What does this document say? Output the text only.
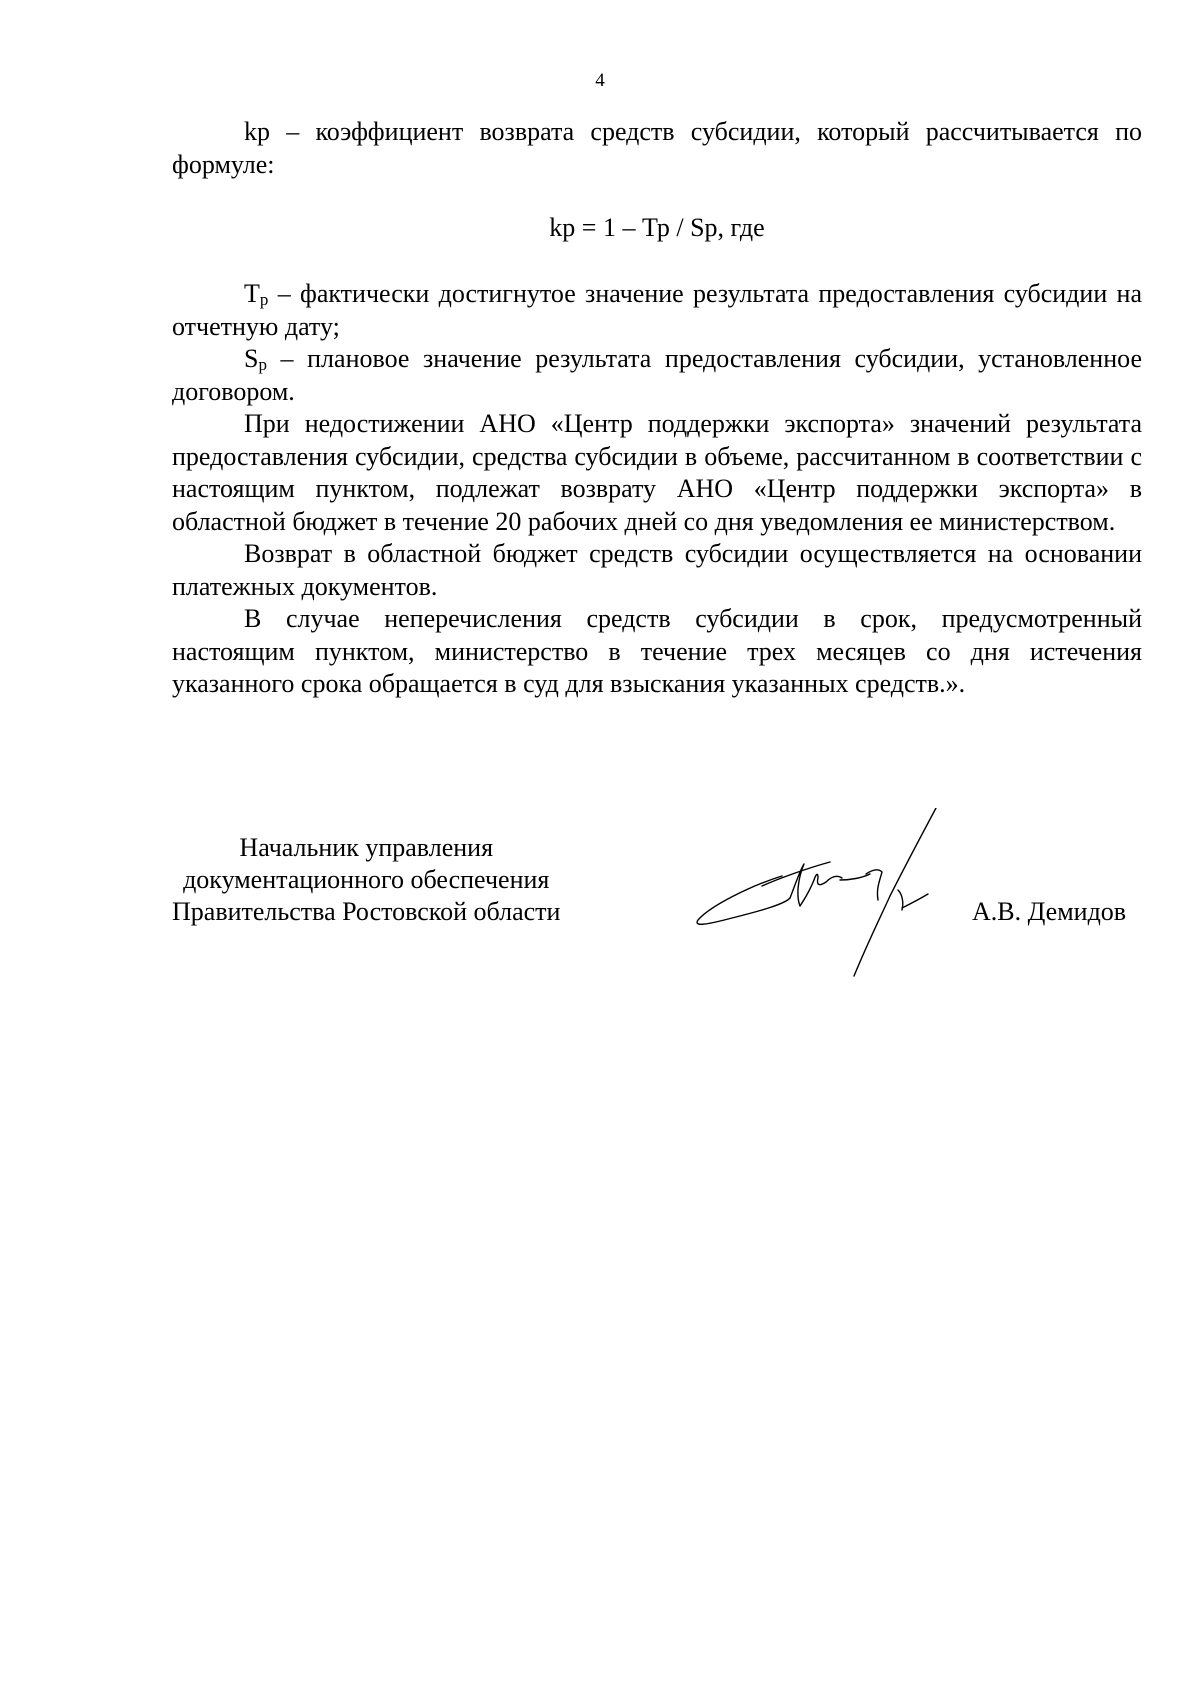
4

kр – коэффициент возврата средств субсидии, который рассчитывается по формуле:

kр = 1 – Тр / Sр, где

$Т_р$ – фактически достигнутое значение результата предоставления субсидии на отчетную дату;

$S_р$ – плановое значение результата предоставления субсидии, установленное договором.

При недостижении АНО «Центр поддержки экспорта» значений результата предоставления субсидии, средства субсидии в объеме, рассчитанном в соответствии с настоящим пунктом, подлежат возврату АНО «Центр поддержки экспорта» в областной бюджет в течение 20 рабочих дней со дня уведомления ее министерством.

Возврат в областной бюджет средств субсидии осуществляется на основании платежных документов.

В случае неперечисления средств субсидии в срок, предусмотренный настоящим пунктом, министерство в течение трех месяцев со дня истечения указанного срока обращается в суд для взыскания указанных средств.».

Начальник управления
документационного обеспечения
Правительства Ростовской области	А.В. Демидов
